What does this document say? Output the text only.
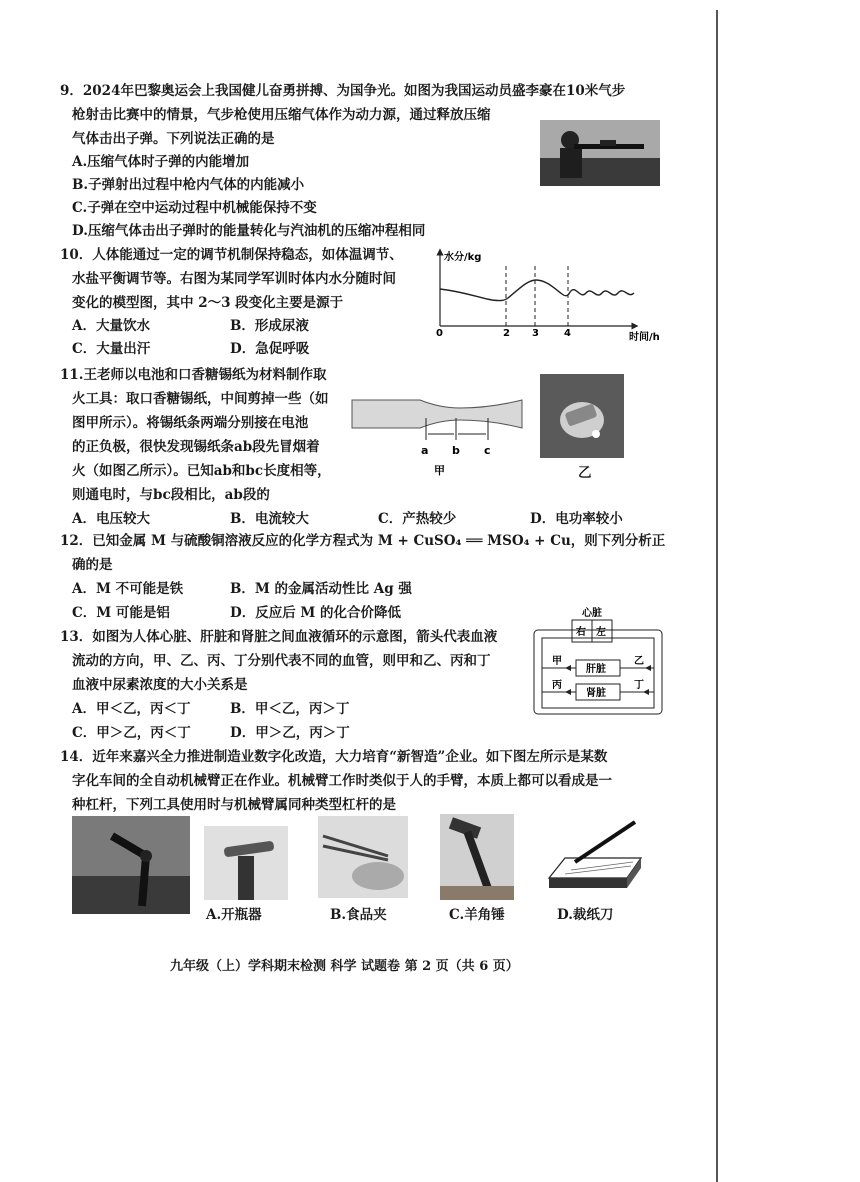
9．2024年巴黎奥运会上我国健儿奋勇拼搏、为国争光。如图为我国运动员盛李豪在10米气步
枪射击比赛中的情景，气步枪使用压缩气体作为动力源，通过释放压缩
气体击出子弹。下列说法正确的是
A.压缩气体时子弹的内能增加
B.子弹射出过程中枪内气体的内能减小
C.子弹在空中运动过程中机械能保持不变
D.压缩气体击出子弹时的能量转化与汽油机的压缩冲程相同
10．人体能通过一定的调节机制保持稳态，如体温调节、
水盐平衡调节等。右图为某同学军训时体内水分随时间
变化的模型图，其中 2～3 段变化主要是源于
A．大量饮水	B．形成尿液
C．大量出汗	D．急促呼吸
水分/kg
时间/h
0	2 3	4
11.王老师以电池和口香糖锡纸为材料制作取
火工具：取口香糖锡纸，中间剪掉一些（如
图甲所示）。将锡纸条两端分别接在电池
的正负极，很快发现锡纸条ab段先冒烟着
火（如图乙所示）。已知ab和bc长度相等，
则通电时，与bc段相比，ab段的
A．电压较大	B．电流较大	C．产热较少	D．电功率较小
a b c
甲	乙
12．已知金属 M 与硫酸铜溶液反应的化学方程式为 M + CuSO₄ ══ MSO₄ + Cu，则下列分析正
确的是
A．M 不可能是铁	B．M 的金属活动性比 Ag 强
C．M 可能是铝	D．反应后 M 的化合价降低
13．如图为人体心脏、肝脏和肾脏之间血液循环的示意图，箭头代表血液
流动的方向，甲、乙、丙、丁分别代表不同的血管，则甲和乙、丙和丁
血液中尿素浓度的大小关系是
A．甲＜乙，丙＜丁	B．甲＜乙，丙＞丁
C．甲＞乙，丙＜丁	D．甲＞乙，丙＞丁
心脏
右 左
肝脏
甲	乙
肾脏
丙	丁
14．近年来嘉兴全力推进制造业数字化改造，大力培育“新智造”企业。如下图左所示是某数
字化车间的全自动机械臂正在作业。机械臂工作时类似于人的手臂，本质上都可以看成是一
种杠杆，下列工具使用时与机械臂属同种类型杠杆的是
A.开瓶器	B.食品夹	C.羊角锤	D.裁纸刀
九年级（上）学科期末检测 科学 试题卷 第 2 页（共 6 页）
